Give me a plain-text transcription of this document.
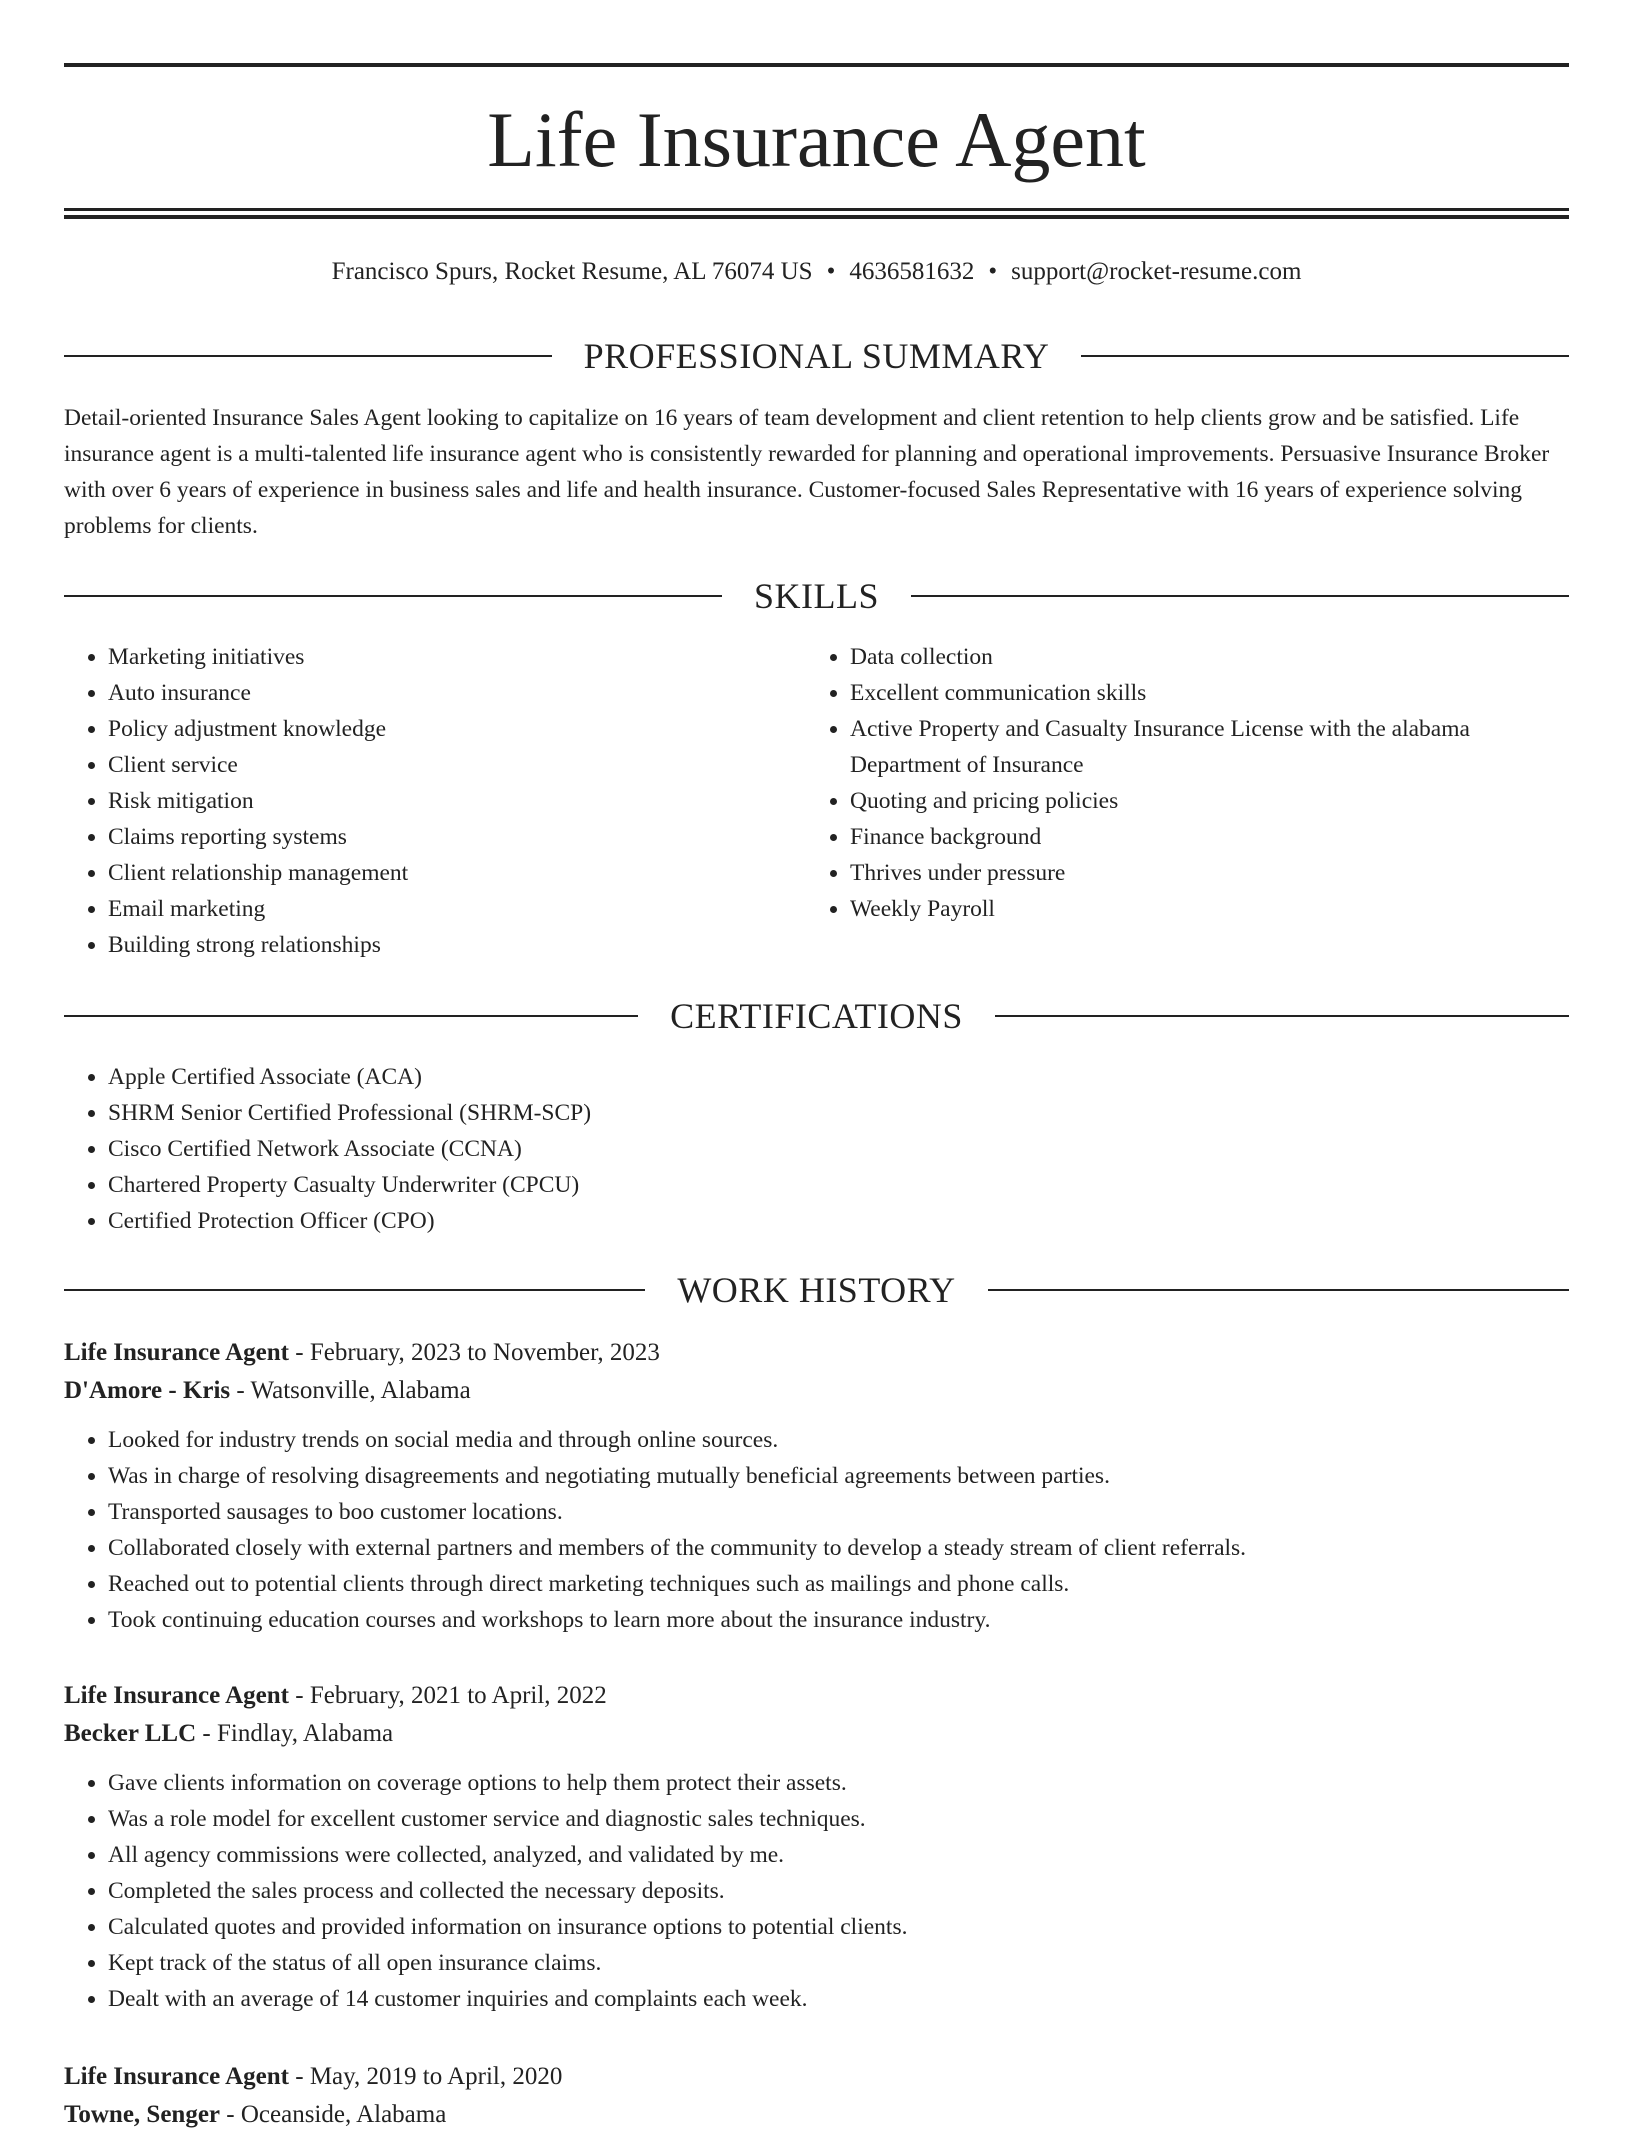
Life Insurance Agent
Francisco Spurs, Rocket Resume, AL 76074 US • 4636581632 • support@rocket-resume.com
PROFESSIONAL SUMMARY

Detail-oriented Insurance Sales Agent looking to capitalize on 16 years of team development and client retention to help clients grow and be satisfied. Life insurance agent is a multi-talented life insurance agent who is consistently rewarded for planning and operational improvements. Persuasive Insurance Broker with over 6 years of experience in business sales and life and health insurance. Customer-focused Sales Representative with 16 years of experience solving problems for clients.

SKILLS
• Marketing initiatives
• Auto insurance
• Policy adjustment knowledge
• Client service
• Risk mitigation
• Claims reporting systems
• Client relationship management
• Email marketing
• Building strong relationships
• Data collection
• Excellent communication skills
• Active Property and Casualty Insurance License with the alabama Department of Insurance
• Quoting and pricing policies
• Finance background
• Thrives under pressure
• Weekly Payroll
CERTIFICATIONS
• Apple Certified Associate (ACA)
• SHRM Senior Certified Professional (SHRM-SCP)
• Cisco Certified Network Associate (CCNA)
• Chartered Property Casualty Underwriter (CPCU)
• Certified Protection Officer (CPO)
WORK HISTORY
Life Insurance Agent - February, 2023 to November, 2023
D'Amore - Kris - Watsonville, Alabama
• Looked for industry trends on social media and through online sources.
• Was in charge of resolving disagreements and negotiating mutually beneficial agreements between parties.
• Transported sausages to boo customer locations.
• Collaborated closely with external partners and members of the community to develop a steady stream of client referrals.
• Reached out to potential clients through direct marketing techniques such as mailings and phone calls.
• Took continuing education courses and workshops to learn more about the insurance industry.
Life Insurance Agent - February, 2021 to April, 2022
Becker LLC - Findlay, Alabama
• Gave clients information on coverage options to help them protect their assets.
• Was a role model for excellent customer service and diagnostic sales techniques.
• All agency commissions were collected, analyzed, and validated by me.
• Completed the sales process and collected the necessary deposits.
• Calculated quotes and provided information on insurance options to potential clients.
• Kept track of the status of all open insurance claims.
• Dealt with an average of 14 customer inquiries and complaints each week.
Life Insurance Agent - May, 2019 to April, 2020
Towne, Senger - Oceanside, Alabama
